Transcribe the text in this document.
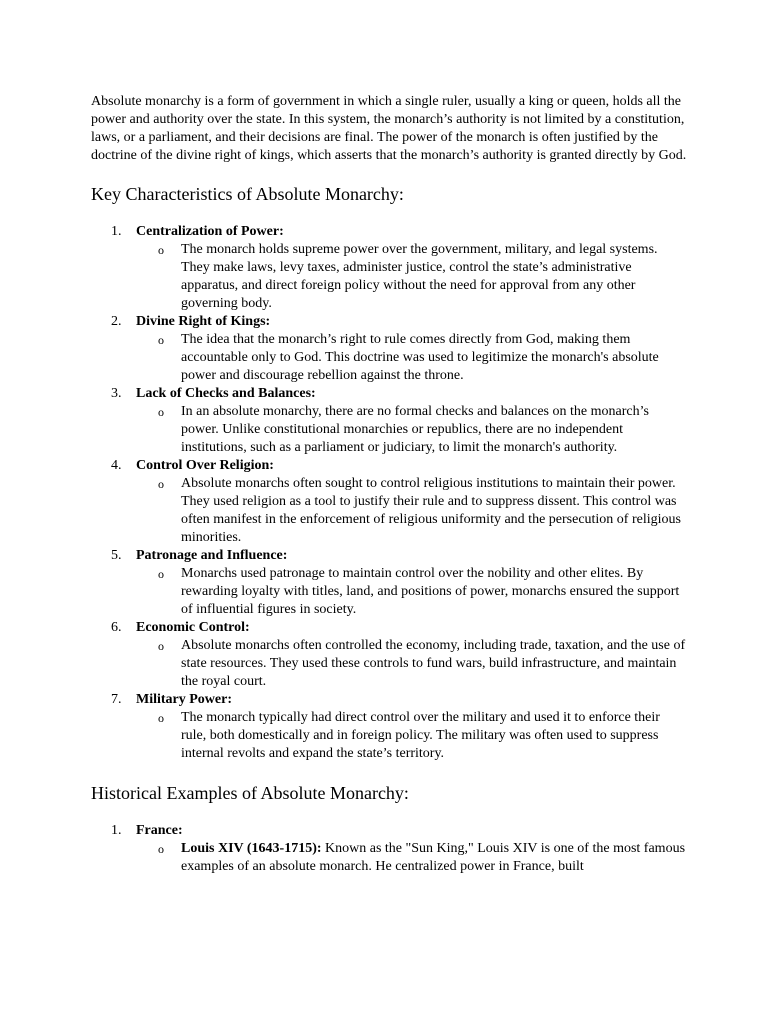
Absolute monarchy is a form of government in which a single ruler, usually a king or queen, holds all the power and authority over the state. In this system, the monarch’s authority is not limited by a constitution, laws, or a parliament, and their decisions are final. The power of the monarch is often justified by the doctrine of the divine right of kings, which asserts that the monarch’s authority is granted directly by God.

Key Characteristics of Absolute Monarchy:
1. Centralization of Power:
o The monarch holds supreme power over the government, military, and legal systems. They make laws, levy taxes, administer justice, control the state’s administrative apparatus, and direct foreign policy without the need for approval from any other governing body.
2. Divine Right of Kings:
o The idea that the monarch’s right to rule comes directly from God, making them accountable only to God. This doctrine was used to legitimize the monarch's absolute power and discourage rebellion against the throne.
3. Lack of Checks and Balances:
o In an absolute monarchy, there are no formal checks and balances on the monarch’s power. Unlike constitutional monarchies or republics, there are no independent institutions, such as a parliament or judiciary, to limit the monarch's authority.
4. Control Over Religion:
o Absolute monarchs often sought to control religious institutions to maintain their power. They used religion as a tool to justify their rule and to suppress dissent. This control was often manifest in the enforcement of religious uniformity and the persecution of religious minorities.
5. Patronage and Influence:
o Monarchs used patronage to maintain control over the nobility and other elites. By rewarding loyalty with titles, land, and positions of power, monarchs ensured the support of influential figures in society.
6. Economic Control:
o Absolute monarchs often controlled the economy, including trade, taxation, and the use of state resources. They used these controls to fund wars, build infrastructure, and maintain the royal court.
7. Military Power:
o The monarch typically had direct control over the military and used it to enforce their rule, both domestically and in foreign policy. The military was often used to suppress internal revolts and expand the state’s territory.
Historical Examples of Absolute Monarchy:
1. France:
o Louis XIV (1643-1715): Known as the "Sun King," Louis XIV is one of the most famous examples of an absolute monarch. He centralized power in France, built
